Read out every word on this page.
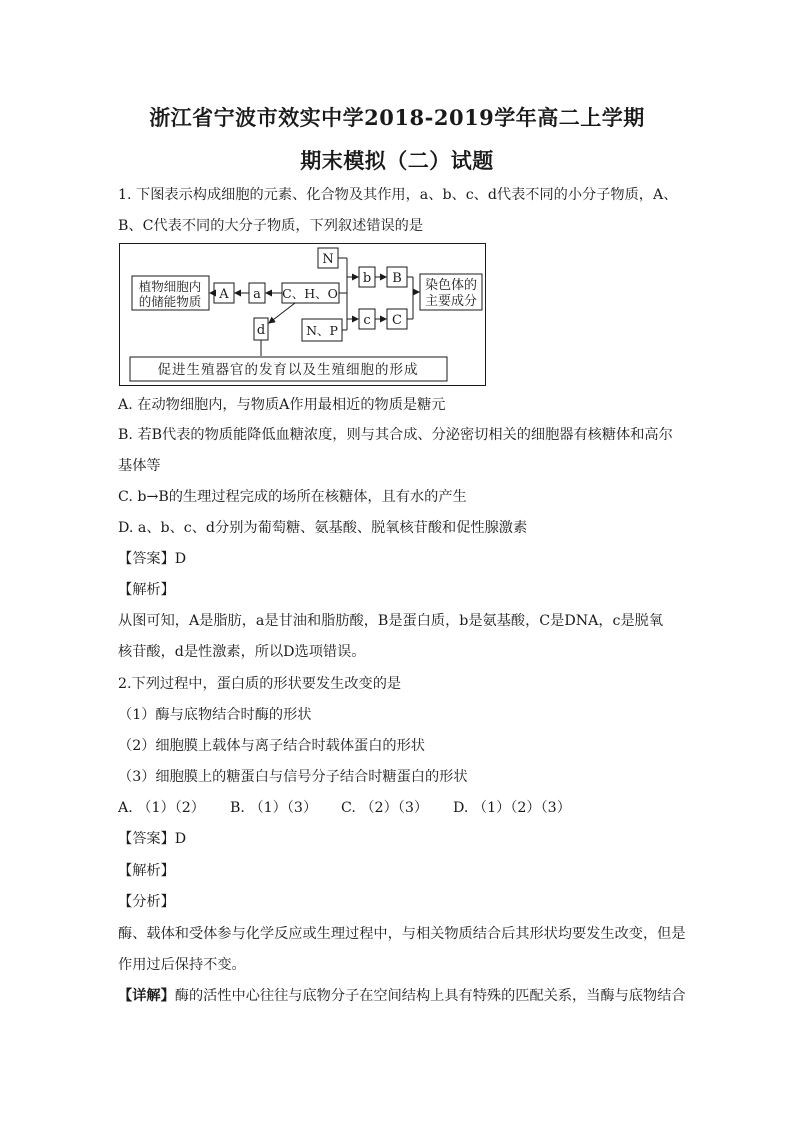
浙江省宁波市效实中学2018-2019学年高二上学期
期末模拟（二）试题
1. 下图表示构成细胞的元素、化合物及其作用，a、b、c、d代表不同的小分子物质，A、
B、C代表不同的大分子物质，下列叙述错误的是
N
b B 染色体的
主要成分
植物细胞内
的储能物质 A a C、H、O
c C
d	N、P
促进生殖器官的发育以及生殖细胞的形成
A. 在动物细胞内，与物质A作用最相近的物质是糖元
B. 若B代表的物质能降低血糖浓度，则与其合成、分泌密切相关的细胞器有核糖体和高尔
基体等
C. b→B的生理过程完成的场所在核糖体，且有水的产生
D. a、b、c、d分别为葡萄糖、氨基酸、脱氧核苷酸和促性腺激素
【答案】D
【解析】
从图可知，A是脂肪，a是甘油和脂肪酸，B是蛋白质，b是氨基酸，C是DNA，c是脱氧
核苷酸，d是性激素，所以D选项错误。
2.下列过程中，蛋白质的形状要发生改变的是
（1）酶与底物结合时酶的形状
（2）细胞膜上载体与离子结合时载体蛋白的形状
（3）细胞膜上的糖蛋白与信号分子结合时糖蛋白的形状
A. （1）（2） B. （1）（3） C. （2）（3） D. （1）（2）（3）
【答案】D
【解析】
【分析】
酶、载体和受体参与化学反应或生理过程中，与相关物质结合后其形状均要发生改变，但是
作用过后保持不变。
【详解】酶的活性中心往往与底物分子在空间结构上具有特殊的匹配关系，当酶与底物结合
